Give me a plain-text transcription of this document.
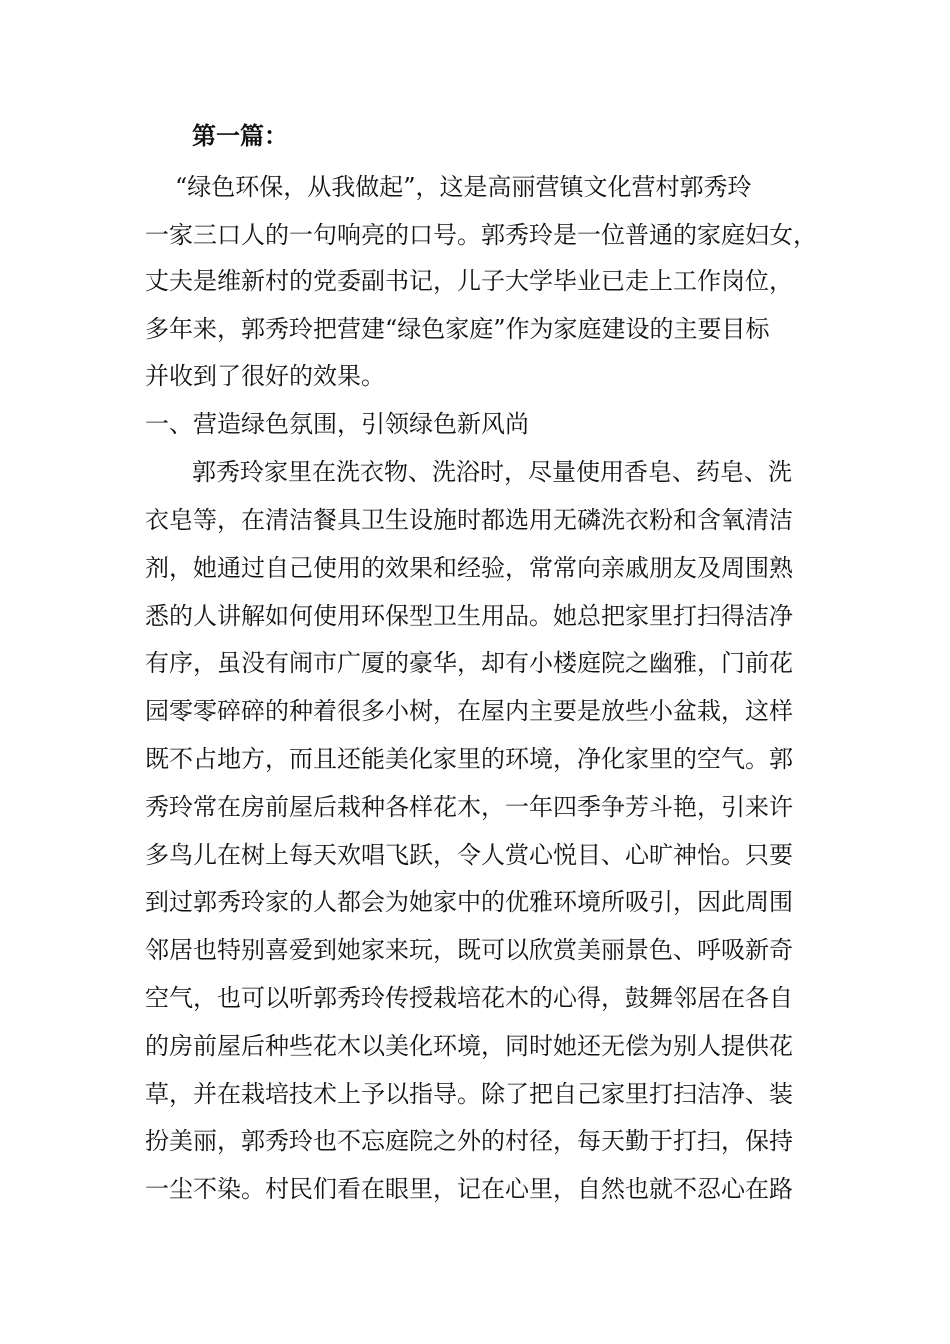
第一篇：
“绿色环保，从我做起”，这是高丽营镇文化营村郭秀玲
一家三口人的一句响亮的口号。郭秀玲是一位普通的家庭妇女，
丈夫是维新村的党委副书记，儿子大学毕业已走上工作岗位，
多年来，郭秀玲把营建“绿色家庭”作为家庭建设的主要目标
并收到了很好的效果。
一、营造绿色氛围，引领绿色新风尚
郭秀玲家里在洗衣物、洗浴时，尽量使用香皂、药皂、洗
衣皂等，在清洁餐具卫生设施时都选用无磷洗衣粉和含氧清洁
剂，她通过自己使用的效果和经验，常常向亲戚朋友及周围熟
悉的人讲解如何使用环保型卫生用品。她总把家里打扫得洁净
有序，虽没有闹市广厦的豪华，却有小楼庭院之幽雅，门前花
园零零碎碎的种着很多小树，在屋内主要是放些小盆栽，这样
既不占地方，而且还能美化家里的环境，净化家里的空气。郭
秀玲常在房前屋后栽种各样花木，一年四季争芳斗艳，引来许
多鸟儿在树上每天欢唱飞跃，令人赏心悦目、心旷神怡。只要
到过郭秀玲家的人都会为她家中的优雅环境所吸引，因此周围
邻居也特别喜爱到她家来玩，既可以欣赏美丽景色、呼吸新奇
空气，也可以听郭秀玲传授栽培花木的心得，鼓舞邻居在各自
的房前屋后种些花木以美化环境，同时她还无偿为别人提供花
草，并在栽培技术上予以指导。除了把自己家里打扫洁净、装
扮美丽，郭秀玲也不忘庭院之外的村径，每天勤于打扫，保持
一尘不染。村民们看在眼里，记在心里，自然也就不忍心在路
